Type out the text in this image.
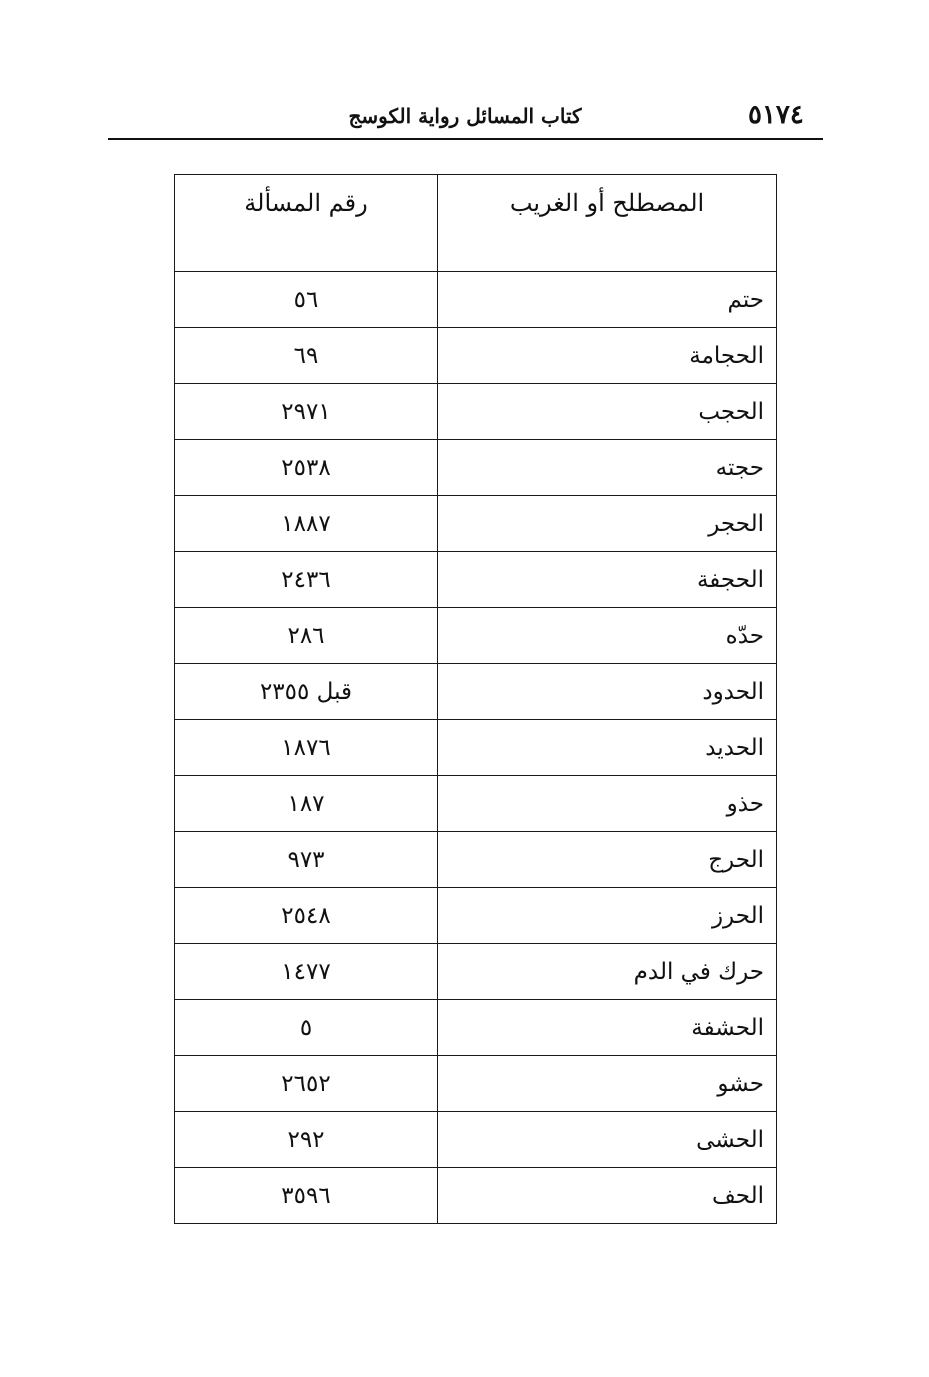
٥١٧٤
كتاب المسائل رواية الكوسج
المصطلح أو الغريب	رقم المسألة
حتم	٥٦
الحجامة	٦٩
الحجب	٢٩٧١
حجته	٢٥٣٨
الحجر	١٨٨٧
الحجفة	٢٤٣٦
حدّه	٢٨٦
الحدود	قبل ٢٣٥٥
الحديد	١٨٧٦
حذو	١٨٧
الحرج	٩٧٣
الحرز	٢٥٤٨
حرك في الدم	١٤٧٧
الحشفة	٥
حشو	٢٦٥٢
الحشى	٢٩٢
الحف	٣٥٩٦
